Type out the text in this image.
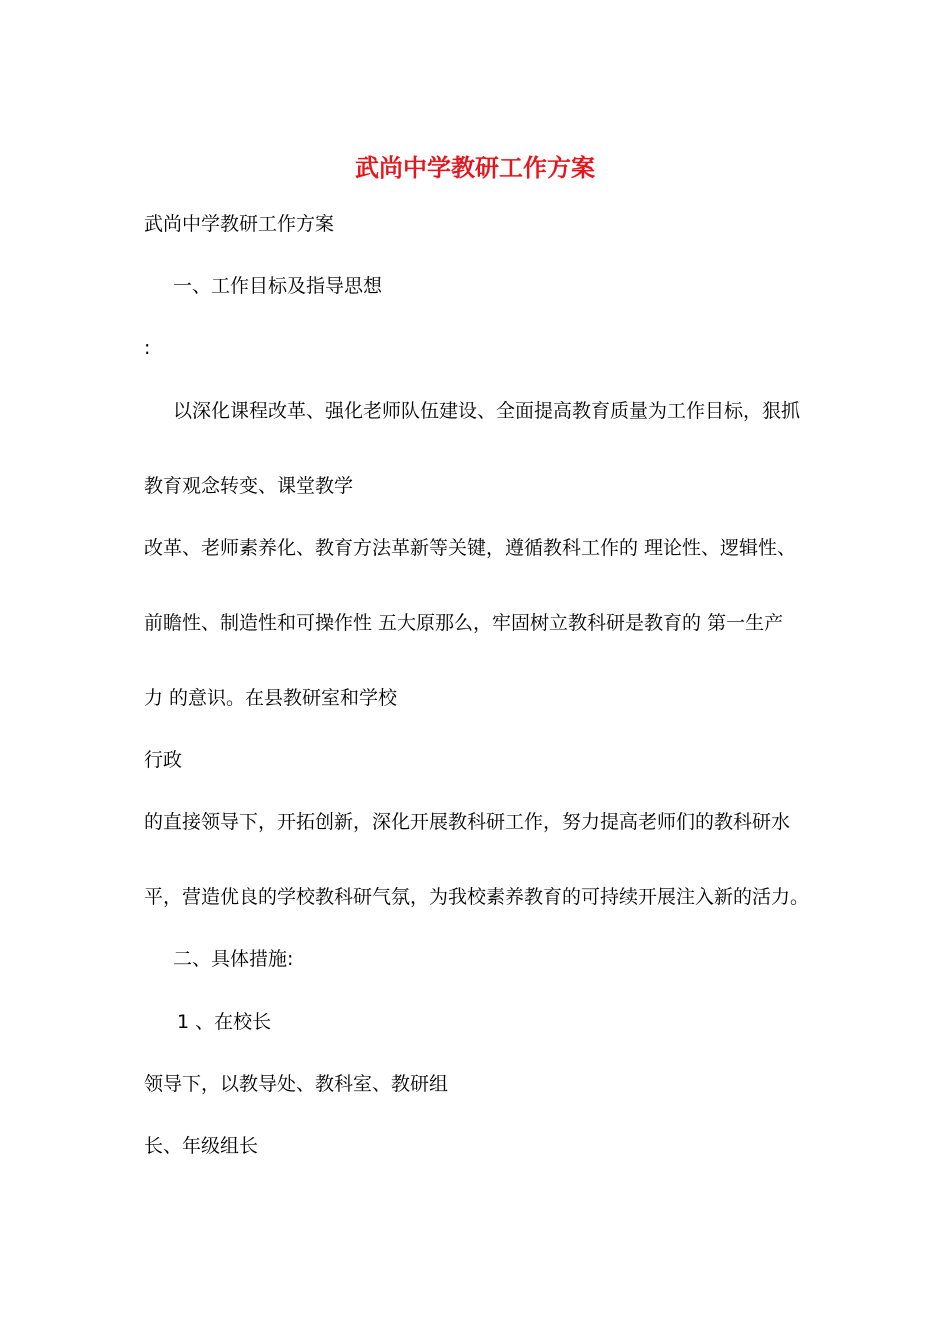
武尚中学教研工作方案

武尚中学教研工作方案

一、工作目标及指导思想

:

以深化课程改革、强化老师队伍建设、全面提高教育质量为工作目标，狠抓

教育观念转变、课堂教学

改革、老师素养化、教育方法革新等关键，遵循教科工作的 理论性、逻辑性、

前瞻性、制造性和可操作性 五大原那么，牢固树立教科研是教育的 第一生产

力 的意识。在县教研室和学校

行政

的直接领导下，开拓创新，深化开展教科研工作，努力提高老师们的教科研水

平，营造优良的学校教科研气氛，为我校素养教育的可持续开展注入新的活力。

二、具体措施:

1 、在校长

领导下，以教导处、教科室、教研组

长、年级组长
